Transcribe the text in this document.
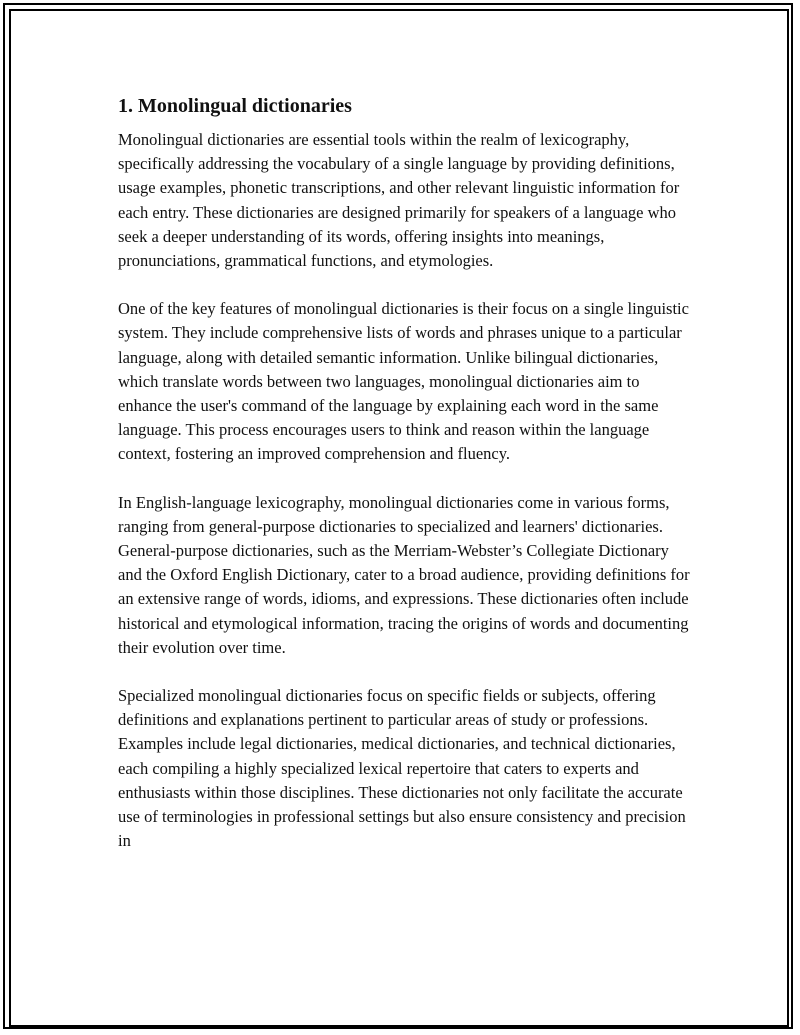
1. Monolingual dictionaries

Monolingual dictionaries are essential tools within the realm of lexicography, specifically addressing the vocabulary of a single language by providing definitions, usage examples, phonetic transcriptions, and other relevant linguistic information for each entry. These dictionaries are designed primarily for speakers of a language who seek a deeper understanding of its words, offering insights into meanings, pronunciations, grammatical functions, and etymologies.

One of the key features of monolingual dictionaries is their focus on a single linguistic system. They include comprehensive lists of words and phrases unique to a particular language, along with detailed semantic information. Unlike bilingual dictionaries, which translate words between two languages, monolingual dictionaries aim to enhance the user's command of the language by explaining each word in the same language. This process encourages users to think and reason within the language context, fostering an improved comprehension and fluency.

In English-language lexicography, monolingual dictionaries come in various forms, ranging from general-purpose dictionaries to specialized and learners' dictionaries. General-purpose dictionaries, such as the Merriam-Webster’s Collegiate Dictionary and the Oxford English Dictionary, cater to a broad audience, providing definitions for an extensive range of words, idioms, and expressions. These dictionaries often include historical and etymological information, tracing the origins of words and documenting their evolution over time.

Specialized monolingual dictionaries focus on specific fields or subjects, offering definitions and explanations pertinent to particular areas of study or professions. Examples include legal dictionaries, medical dictionaries, and technical dictionaries, each compiling a highly specialized lexical repertoire that caters to experts and enthusiasts within those disciplines. These dictionaries not only facilitate the accurate use of terminologies in professional settings but also ensure consistency and precision in
